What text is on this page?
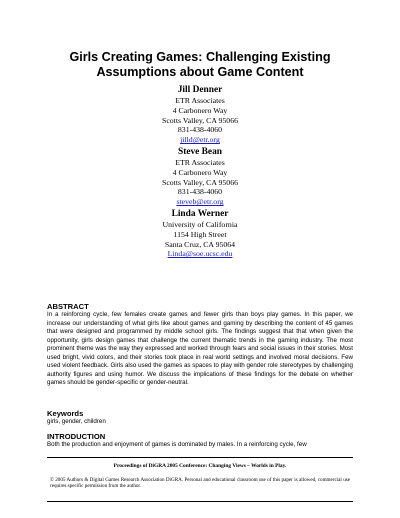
Girls Creating Games: Challenging Existing
Assumptions about Game Content
Jill Denner
ETR Associates
4 Carbonero Way
Scotts Valley, CA 95066
831-438-4060
jilld@etr.org
Steve Bean
ETR Associates
4 Carbonero Way
Scotts Valley, CA 95066
831-438-4060
steveb@etr.org
Linda Werner
University of California
1154 High Street
Santa Cruz, CA 95064
Linda@soe.ucsc.edu
ABSTRACT
In a reinforcing cycle, few females create games and fewer girls than boys play games. In this paper, we increase our understanding of what girls like about games and gaming by describing the content of 45 games that were designed and programmed by middle school girls. The findings suggest that that when given the opportunity, girls design games that challenge the current thematic trends in the gaming industry. The most prominent theme was the way they expressed and worked through fears and social issues in their stories. Most used bright, vivid colors, and their stories took place in real world settings and involved moral decisions. Few used violent feedback. Girls also used the games as spaces to play with gender role stereotypes by challenging authority figures and using humor. We discuss the implications of these findings for the debate on whether games should be gender-specific or gender-neutral.
Keywords
girls, gender, children
INTRODUCTION
Both the production and enjoyment of games is dominated by males. In a reinforcing cycle, few
Proceedings of DiGRA 2005 Conference: Changing Views – Worlds in Play.
© 2005 Authors & Digital Games Research Association DiGRA. Personal and educational classroom use of this paper is allowed, commercial use requires specific permission from the author.
